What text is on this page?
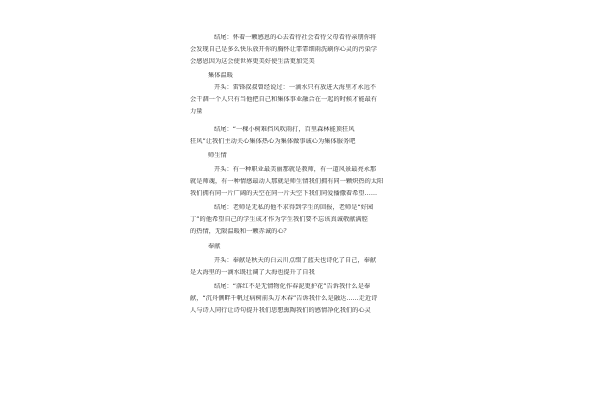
结尾：怀着一颗感恩的心去看待社会看待父母看待亲朋你将
会发现自己是多么快乐放开你的胸怀让霏霏细雨洗刷你心灵的污染学
会感恩因为这会使世界更美好使生活更加完美
集体温暖
开头：雷锋叔叔曾经说过：一滴水只有放进大海里才永远不
会干涸一个人只有当他把自己和集体事业融合在一起的时候才能最有
力量
结尾：“一棵小树难挡风吹雨打，百里森林能顶狂风
狂风”让我们主动关心集体热心为集体做事诚心为集体服务吧
师生情
开头：有一种职业最美丽那就是教师，有一道风景最亮永那
就是师魂，有一种情感最动人那就是师生情我们拥有同一颗炽热的太阳
我们拥有同一片广阔的天空在同一片天空下我们同爱播撒着希望……
结尾：老师是无私的他不求得到学生的回报，老师是“好园
丁”的他希望自己的学生成才作为学生我们要不忘该真诚敬献满腔
的热情，无限温暖和一颗赤诚的心？
奉献
开头：奉献是秋天的白云川点缀了蓝天也诗化了自己，奉献
是大海里的一滴水既壮阔了大海也提升了自我
结尾：“落红不是无情物化作春泥更护花”告诉我什么是奉
献，“沉舟侧畔千帆过病树前头万木春”告诉我什么是融达……走近诗
人与诗人同行让诗句提升我们思想熏陶我们的感情净化我们的心灵
